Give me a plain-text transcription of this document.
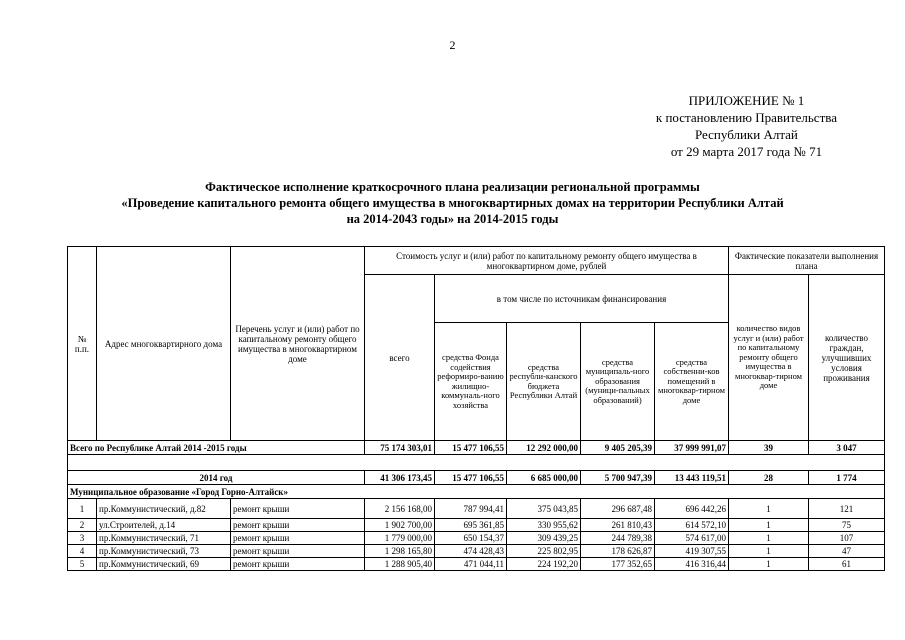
2
ПРИЛОЖЕНИЕ № 1
к постановлению Правительства
Республики Алтай
от 29 марта 2017 года № 71
Фактическое исполнение краткосрочного плана реализации региональной программы
«Проведение капитального ремонта общего имущества в многоквартирных домах на территории Республики Алтай
на 2014-2043 годы» на 2014-2015 годы
№ п.п.	Адрес многоквартирного дома	Перечень услуг и (или) работ по капитальному ремонту общего имущества в многоквартирном доме	Стоимость услуг и (или) работ по капитальному ремонту общего имущества в многоквартирном доме, рублей					Фактические показатели выполнения плана	
			всего	в том числе по источникам финансирования				количество видов услуг и (или) работ по капитальному ремонту общего имущества в многоквар-тирном доме	количество граждан, улучшивших условия проживания
				средства Фонда содействия реформиро-ванию жилищно-коммуналь-ного хозяйства	средства республи-канского бюджета Республики Алтай	средства муниципаль-ного образования (муници-пальных образований)	средства собственни-ков помещений в многоквар-тирном доме		
Всего по Республике Алтай 2014 -2015 годы			75 174 303,01	15 477 106,55	12 292 000,00	9 405 205,39	37 999 991,07	39	3 047

2014 год			41 306 173,45	15 477 106,55	6 685 000,00	5 700 947,39	13 443 119,51	28	1 774
Муниципальное образование «Город Горно-Алтайск»									
1	пр.Коммунистический, д.82	ремонт крыши	2 156 168,00	787 994,41	375 043,85	296 687,48	696 442,26	1	121
2	ул.Строителей, д.14	ремонт крыши	1 902 700,00	695 361,85	330 955,62	261 810,43	614 572,10	1	75
3	пр.Коммунистический, 71	ремонт крыши	1 779 000,00	650 154,37	309 439,25	244 789,38	574 617,00	1	107
4	пр.Коммунистический, 73	ремонт крыши	1 298 165,80	474 428,43	225 802,95	178 626,87	419 307,55	1	47
5	пр.Коммунистический, 69	ремонт крыши	1 288 905,40	471 044,11	224 192,20	177 352,65	416 316,44	1	61
